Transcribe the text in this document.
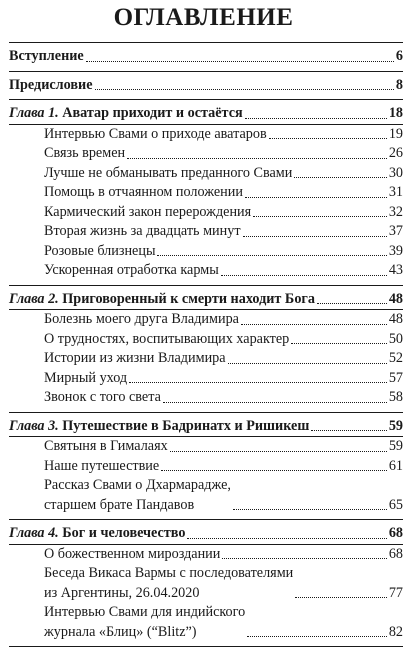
ОГЛАВЛЕНИЕ
Вступление	6
Предисловие	8
Глава 1. Аватар приходит и остаётся	18
Интервью Свами о приходе аватаров	19
Связь времен	26
Лучше не обманывать преданного Свами	30
Помощь в отчаянном положении	31
Кармический закон перерождения	32
Вторая жизнь за двадцать минут	37
Розовые близнецы	39
Ускоренная отработка кармы	43
Глава 2. Приговоренный к смерти находит Бога	48
Болезнь моего друга Владимира	48
О трудностях, воспитывающих характер	50
Истории из жизни Владимира	52
Мирный уход	57
Звонок с того света	58
Глава 3. Путешествие в Бадринатх и Ришикеш	59
Святыня в Гималаях	59
Наше путешествие	61
Рассказ Свами о Дхармарадже,
старшем брате Пандавов	65
Глава 4. Бог и человечество	68
О божественном мироздании	68
Беседа Викаса Вармы с последователями
из Аргентины, 26.04.2020	77
Интервью Свами для индийского
журнала «Блиц» (“Blitz”)	82
